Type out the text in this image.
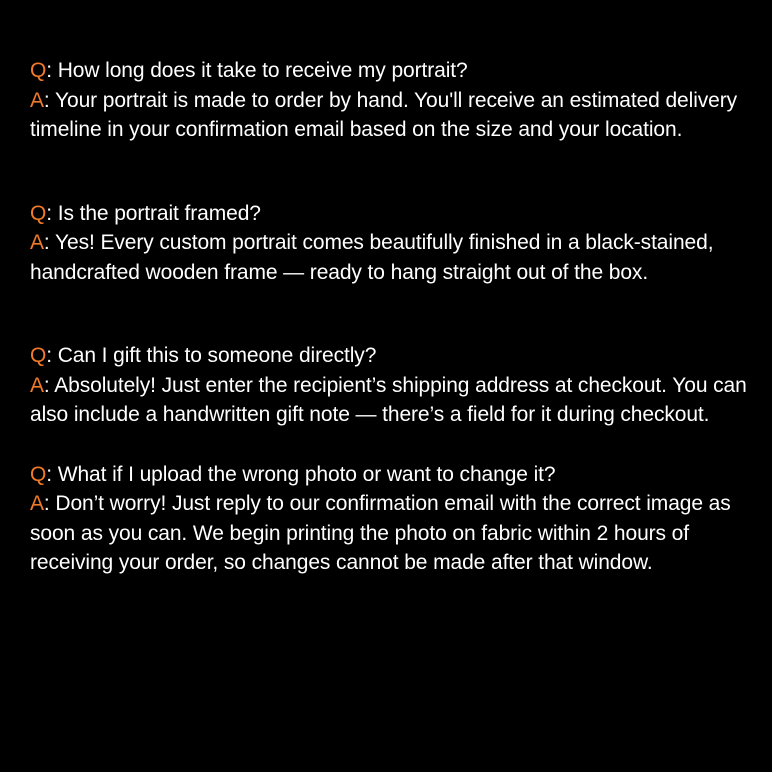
Q: How long does it take to receive my portrait?
A: Your portrait is made to order by hand. You'll receive an estimated delivery timeline in your confirmation email based on the size and your location.
Q: Is the portrait framed?
A: Yes! Every custom portrait comes beautifully finished in a black-stained, handcrafted wooden frame — ready to hang straight out of the box.
Q: Can I gift this to someone directly?
A: Absolutely! Just enter the recipient’s shipping address at checkout. You can also include a handwritten gift note — there’s a field for it during checkout.
Q: What if I upload the wrong photo or want to change it?
A: Don’t worry! Just reply to our confirmation email with the correct image as soon as you can. We begin printing the photo on fabric within 2 hours of receiving your order, so changes cannot be made after that window.
